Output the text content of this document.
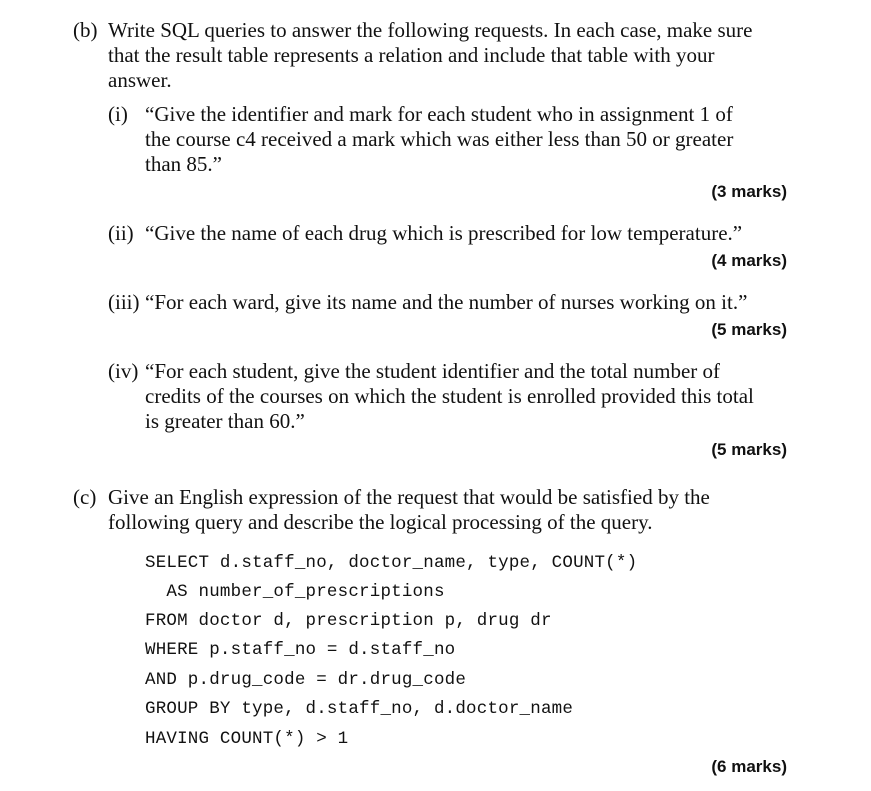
(b) Write SQL queries to answer the following requests. In each case, make sure
that the result table represents a relation and include that table with your
answer.
(i) “Give the identifier and mark for each student who in assignment 1 of
the course c4 received a mark which was either less than 50 or greater
than 85.”
(3 marks)
(ii) “Give the name of each drug which is prescribed for low temperature.”
(4 marks)
(iii) “For each ward, give its name and the number of nurses working on it.”
(5 marks)
(iv) “For each student, give the student identifier and the total number of
credits of the courses on which the student is enrolled provided this total
is greater than 60.”
(5 marks)
(c) Give an English expression of the request that would be satisfied by the
following query and describe the logical processing of the query.
SELECT d.staff_no, doctor_name, type, COUNT(*)
AS number_of_prescriptions
FROM doctor d, prescription p, drug dr
WHERE p.staff_no = d.staff_no
AND p.drug_code = dr.drug_code
GROUP BY type, d.staff_no, d.doctor_name
HAVING COUNT(*) > 1
(6 marks)
